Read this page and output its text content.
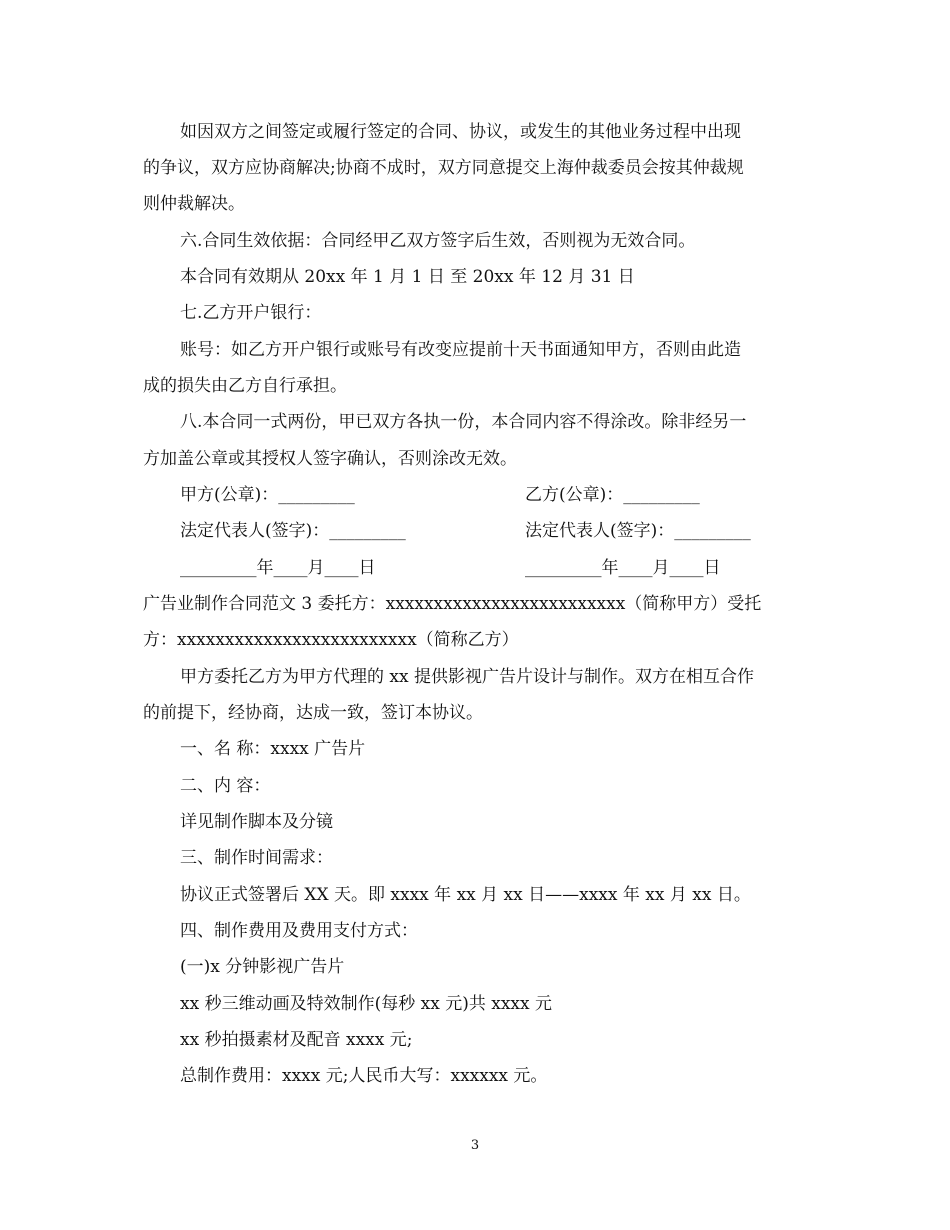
如因双方之间签定或履行签定的合同、协议，或发生的其他业务过程中出现
的争议，双方应协商解决;协商不成时，双方同意提交上海仲裁委员会按其仲裁规
则仲裁解决。
六.合同生效依据：合同经甲乙双方签字后生效，否则视为无效合同。
本合同有效期从 20xx 年 1 月 1 日 至 20xx 年 12 月 31 日
七.乙方开户银行：
账号：如乙方开户银行或账号有改变应提前十天书面通知甲方，否则由此造
成的损失由乙方自行承担。
八.本合同一式两份，甲已双方各执一份，本合同内容不得涂改。除非经另一
方加盖公章或其授权人签字确认，否则涂改无效。
甲方(公章)：_________	乙方(公章)：_________
法定代表人(签字)：_________	法定代表人(签字)：_________
_________年____月____日	_________年____月____日
广告业制作合同范文 3 委托方：xxxxxxxxxxxxxxxxxxxxxxxxx（简称甲方）受托
方：xxxxxxxxxxxxxxxxxxxxxxxxx（简称乙方）
甲方委托乙方为甲方代理的 xx 提供影视广告片设计与制作。双方在相互合作
的前提下，经协商，达成一致，签订本协议。
一、名 称：xxxx 广告片
二、内 容：
详见制作脚本及分镜
三、制作时间需求：
协议正式签署后 XX 天。即 xxxx 年 xx 月 xx 日——xxxx 年 xx 月 xx 日。
四、制作费用及费用支付方式：
(一)x 分钟影视广告片
xx 秒三维动画及特效制作(每秒 xx 元)共 xxxx 元
xx 秒拍摄素材及配音 xxxx 元;
总制作费用：xxxx 元;人民币大写：xxxxxx 元。
3
